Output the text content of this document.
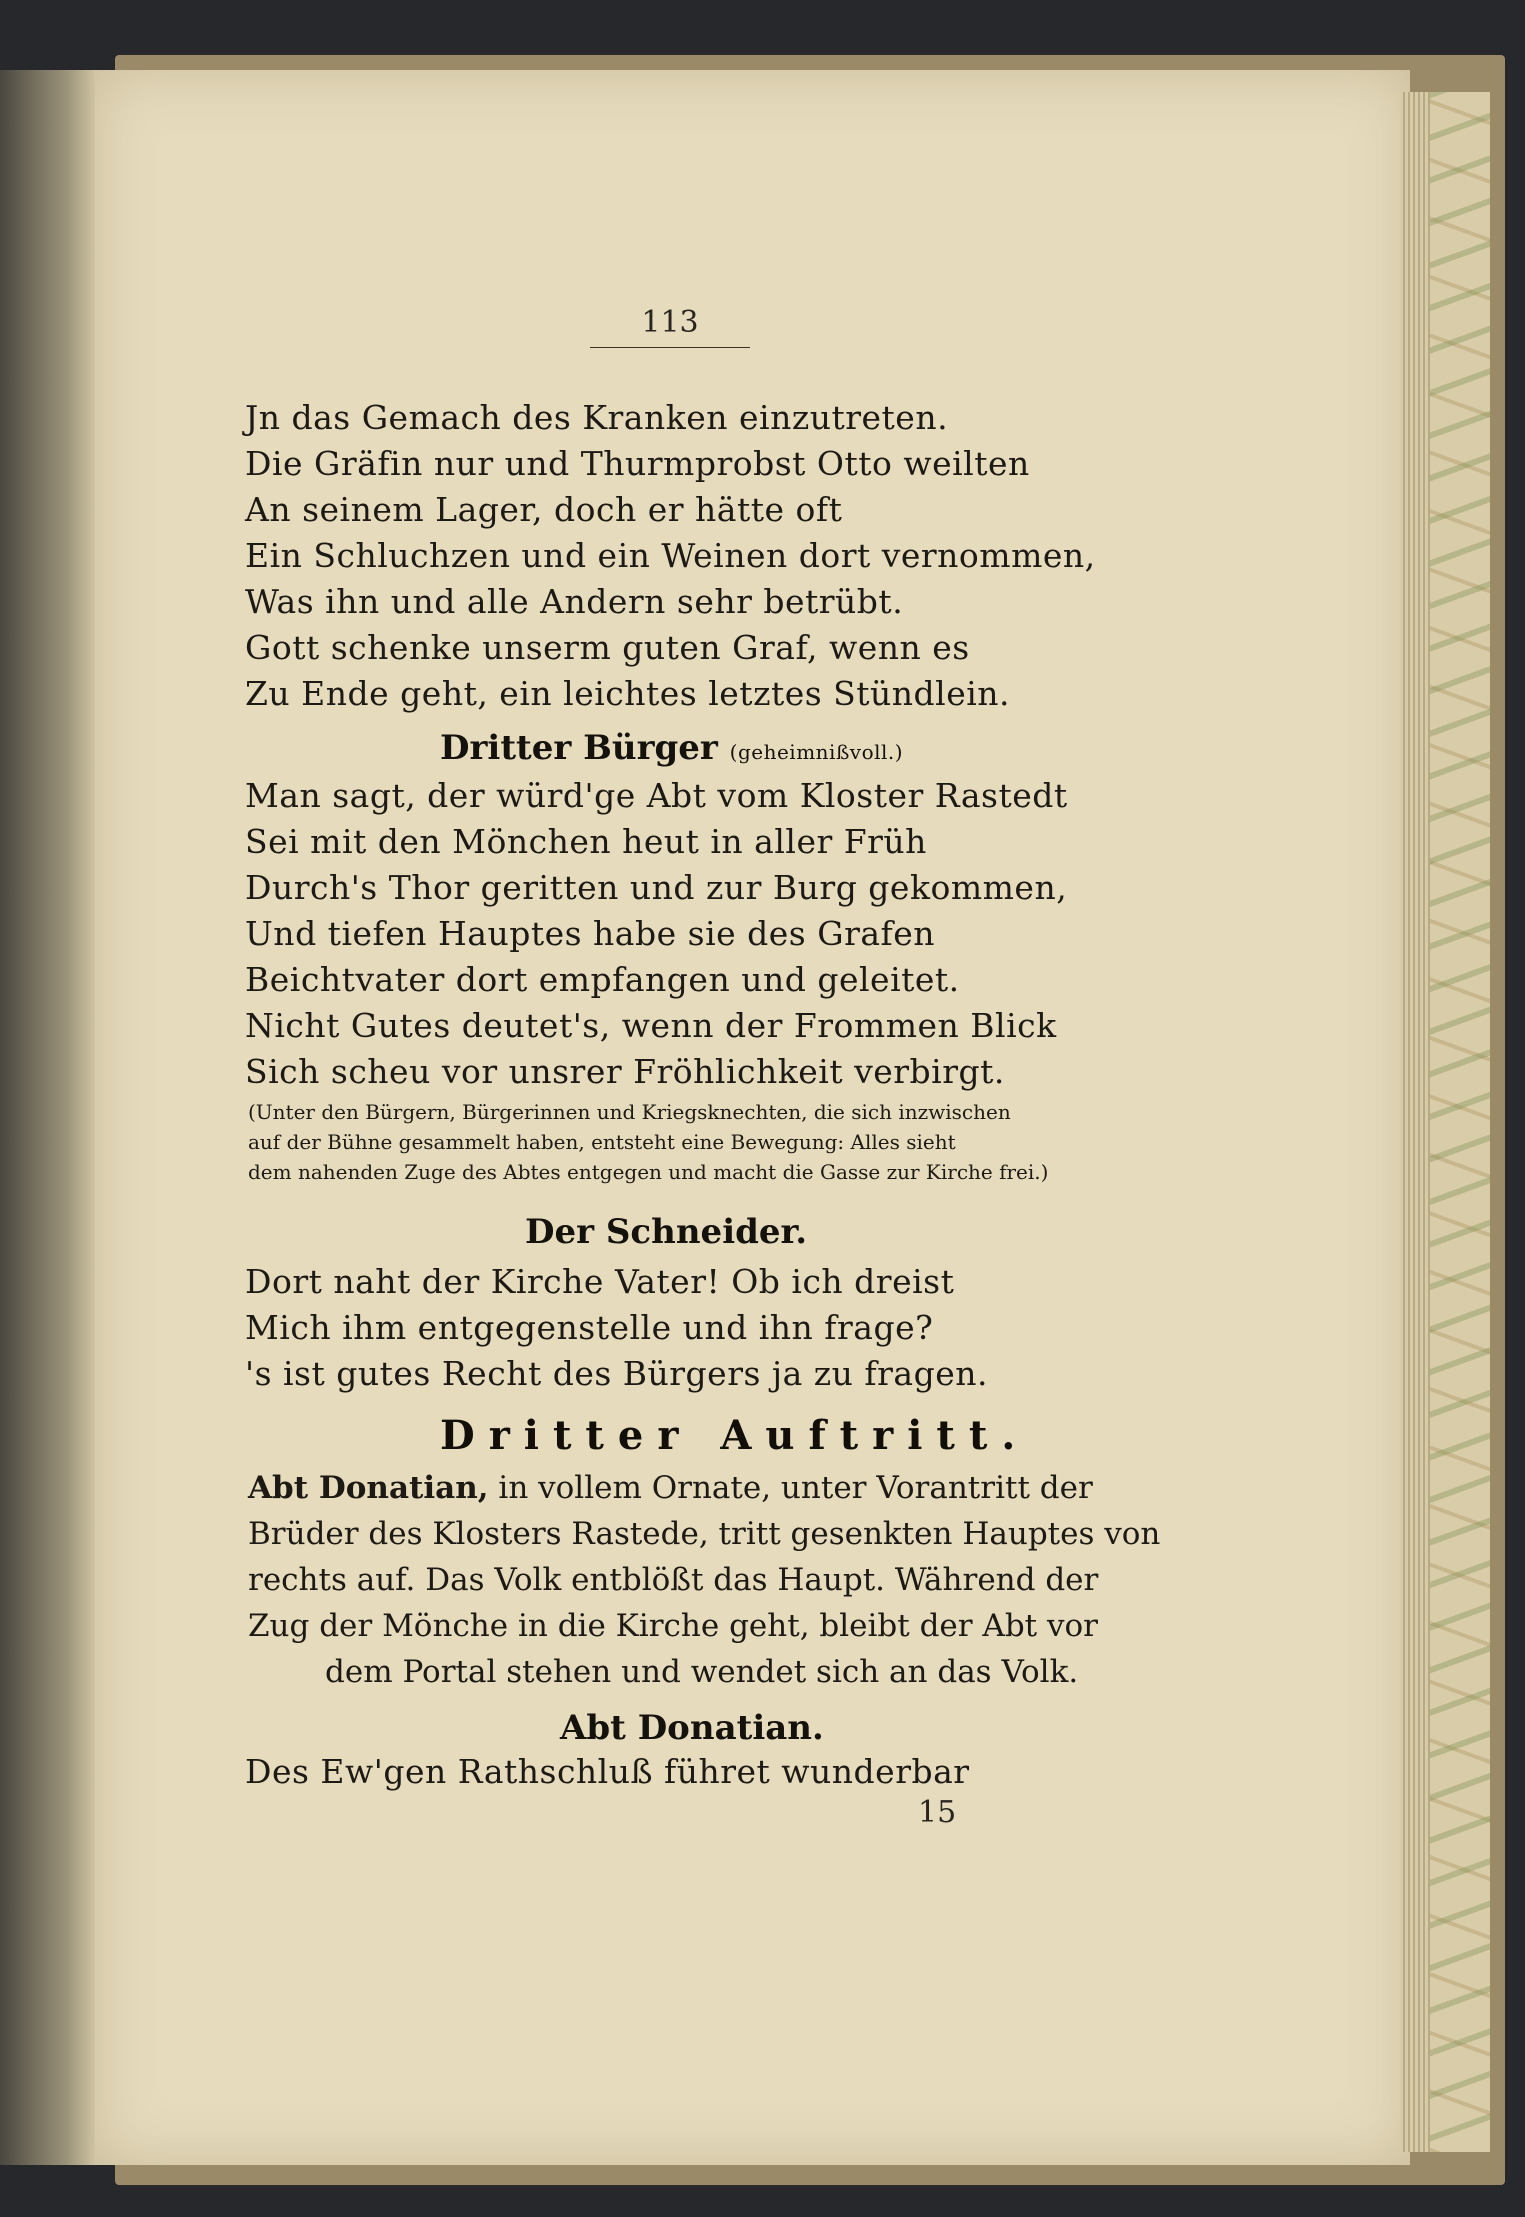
113
Jn das Gemach des Kranken einzutreten.
Die Gräfin nur und Thurmprobst Otto weilten
An seinem Lager, doch er hätte oft
Ein Schluchzen und ein Weinen dort vernommen,
Was ihn und alle Andern sehr betrübt.
Gott schenke unserm guten Graf, wenn es
Zu Ende geht, ein leichtes letztes Stündlein.
Dritter Bürger (geheimnißvoll.)
Man sagt, der würd'ge Abt vom Kloster Rastedt
Sei mit den Mönchen heut in aller Früh
Durch's Thor geritten und zur Burg gekommen,
Und tiefen Hauptes habe sie des Grafen
Beichtvater dort empfangen und geleitet.
Nicht Gutes deutet's, wenn der Frommen Blick
Sich scheu vor unsrer Fröhlichkeit verbirgt.
(Unter den Bürgern, Bürgerinnen und Kriegsknechten, die sich inzwischen
auf der Bühne gesammelt haben, entsteht eine Bewegung: Alles sieht
dem nahenden Zuge des Abtes entgegen und macht die Gasse zur Kirche frei.)
Der Schneider.
Dort naht der Kirche Vater! Ob ich dreist
Mich ihm entgegenstelle und ihn frage?
's ist gutes Recht des Bürgers ja zu fragen.
Dritter Auftritt.
Abt Donatian, in vollem Ornate, unter Vorantritt der
Brüder des Klosters Rastede, tritt gesenkten Hauptes von
rechts auf. Das Volk entblößt das Haupt. Während der
Zug der Mönche in die Kirche geht, bleibt der Abt vor
dem Portal stehen und wendet sich an das Volk.
Abt Donatian.
Des Ew'gen Rathschluß führet wunderbar
15
